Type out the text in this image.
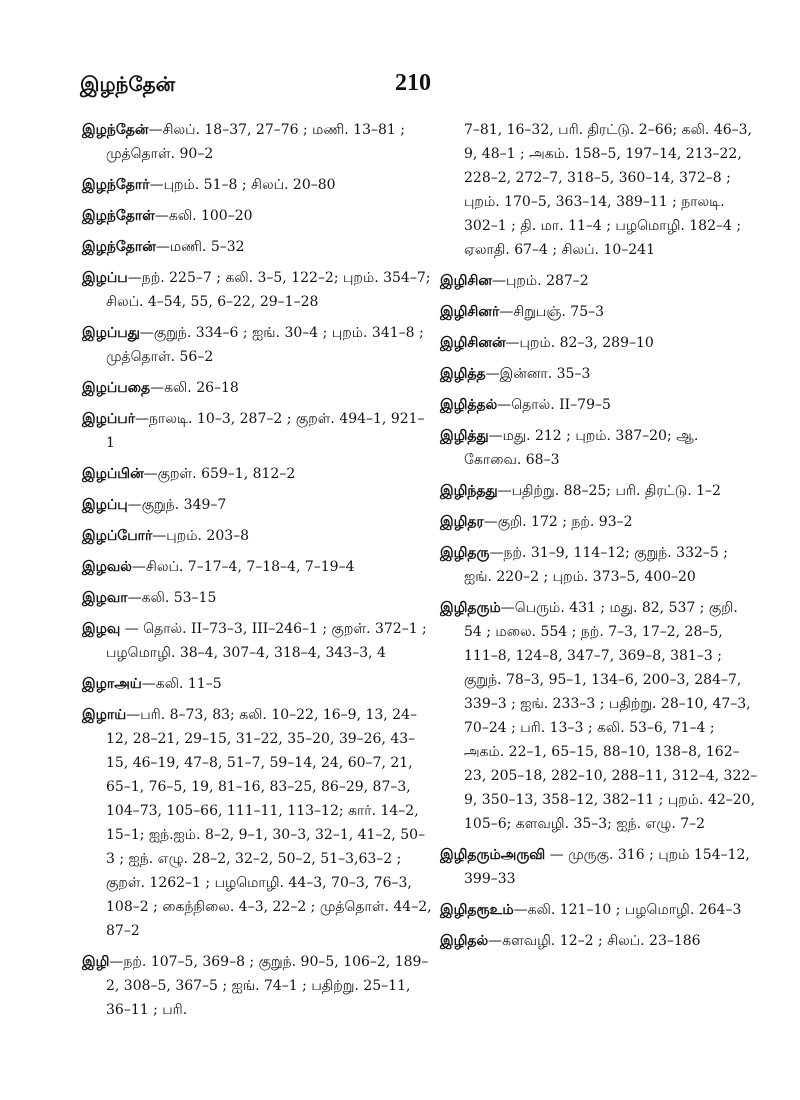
இழந்தேன்	210
இழந்தேன்—சிலப். 18–37, 27–76 ; மணி. 13–81 ; முத்தொள். 90–2
இழந்தோர்—புறம். 51–8 ; சிலப். 20–80
இழந்தோள்—கலி. 100–20
இழந்தோன்—மணி. 5–32
இழப்ப—நற். 225–7 ; கலி. 3–5, 122–2; புறம். 354–7; சிலப். 4–54, 55, 6–22, 29–1–28
இழப்பது—குறுந். 334–6 ; ஐங். 30–4 ; புறம். 341–8 ; முத்தொள். 56–2
இழப்பதை—கலி. 26–18
இழப்பர்—நாலடி. 10–3, 287–2 ; குறள். 494–1, 921–1
இழப்பின்—குறள். 659–1, 812–2
இழப்பு—குறுந். 349–7
இழப்போர்—புறம். 203–8
இழவல்—சிலப். 7–17–4, 7–18–4, 7–19–4
இழவா—கலி. 53–15
இழவு — தொல். II–73–3, III–246–1 ; குறள். 372–1 ; பழமொழி. 38–4, 307–4, 318–4, 343–3, 4
இழாஅய்—கலி. 11–5
இழாய்—பரி. 8–73, 83; கலி. 10–22, 16–9, 13, 24–12, 28–21, 29–15, 31–22, 35–20, 39–26, 43–15, 46–19, 47–8, 51–7, 59–14, 24, 60–7, 21, 65–1, 76–5, 19, 81–16, 83–25, 86–29, 87–3, 104–73, 105–66, 111–11, 113–12; கார். 14–2, 15–1; ஐந்.ஐம். 8–2, 9–1, 30–3, 32–1, 41–2, 50–3 ; ஐந். எழு. 28–2, 32–2, 50–2, 51–3,63–2 ; குறள். 1262–1 ; பழமொழி. 44–3, 70–3, 76–3, 108–2 ; கைந்நிலை. 4–3, 22–2 ; முத்தொள். 44–2, 87–2
இழி—நற். 107–5, 369–8 ; குறுந். 90–5, 106–2, 189–2, 308–5, 367–5 ; ஐங். 74–1 ; பதிற்று. 25–11, 36–11 ; பரி.
7–81, 16–32, பரி. திரட்டு. 2–66; கலி. 46–3, 9, 48–1 ; அகம். 158–5, 197–14, 213–22, 228–2, 272–7, 318–5, 360–14, 372–8 ; புறம். 170–5, 363–14, 389–11 ; நாலடி. 302–1 ; தி. மா. 11–4 ; பழமொழி. 182–4 ; ஏலாதி. 67–4 ; சிலப். 10–241
இழிசின—புறம். 287–2
இழிசினர்—சிறுபஞ். 75–3
இழிசினன்—புறம். 82–3, 289–10
இழித்த—இன்னா. 35–3
இழித்தல்—தொல். II–79–5
இழித்து—மது. 212 ; புறம். 387–20; ஆ. கோவை. 68–3
இழிந்தது—பதிற்று. 88–25; பரி. திரட்டு. 1–2
இழிதர—குறி. 172 ; நற். 93–2
இழிதரு—நற். 31–9, 114–12; குறுந். 332–5 ; ஐங். 220–2 ; புறம். 373–5, 400–20
இழிதரும்—பெரும். 431 ; மது. 82, 537 ; குறி. 54 ; மலை. 554 ; நற். 7–3, 17–2, 28–5, 111–8, 124–8, 347–7, 369–8, 381–3 ; குறுந். 78–3, 95–1, 134–6, 200–3, 284–7, 339–3 ; ஐங். 233–3 ; பதிற்று. 28–10, 47–3, 70–24 ; பரி. 13–3 ; கலி. 53–6, 71–4 ; அகம். 22–1, 65–15, 88–10, 138–8, 162–23, 205–18, 282–10, 288–11, 312–4, 322–9, 350–13, 358–12, 382–11 ; புறம். 42–20, 105–6; களவழி. 35–3; ஐந். எழு. 7–2
இழிதரும்அருவி — முருகு. 316 ; புறம் 154–12, 399–33
இழிதரூஉம்—கலி. 121–10 ; பழமொழி. 264–3
இழிதல்—களவழி. 12–2 ; சிலப். 23–186
